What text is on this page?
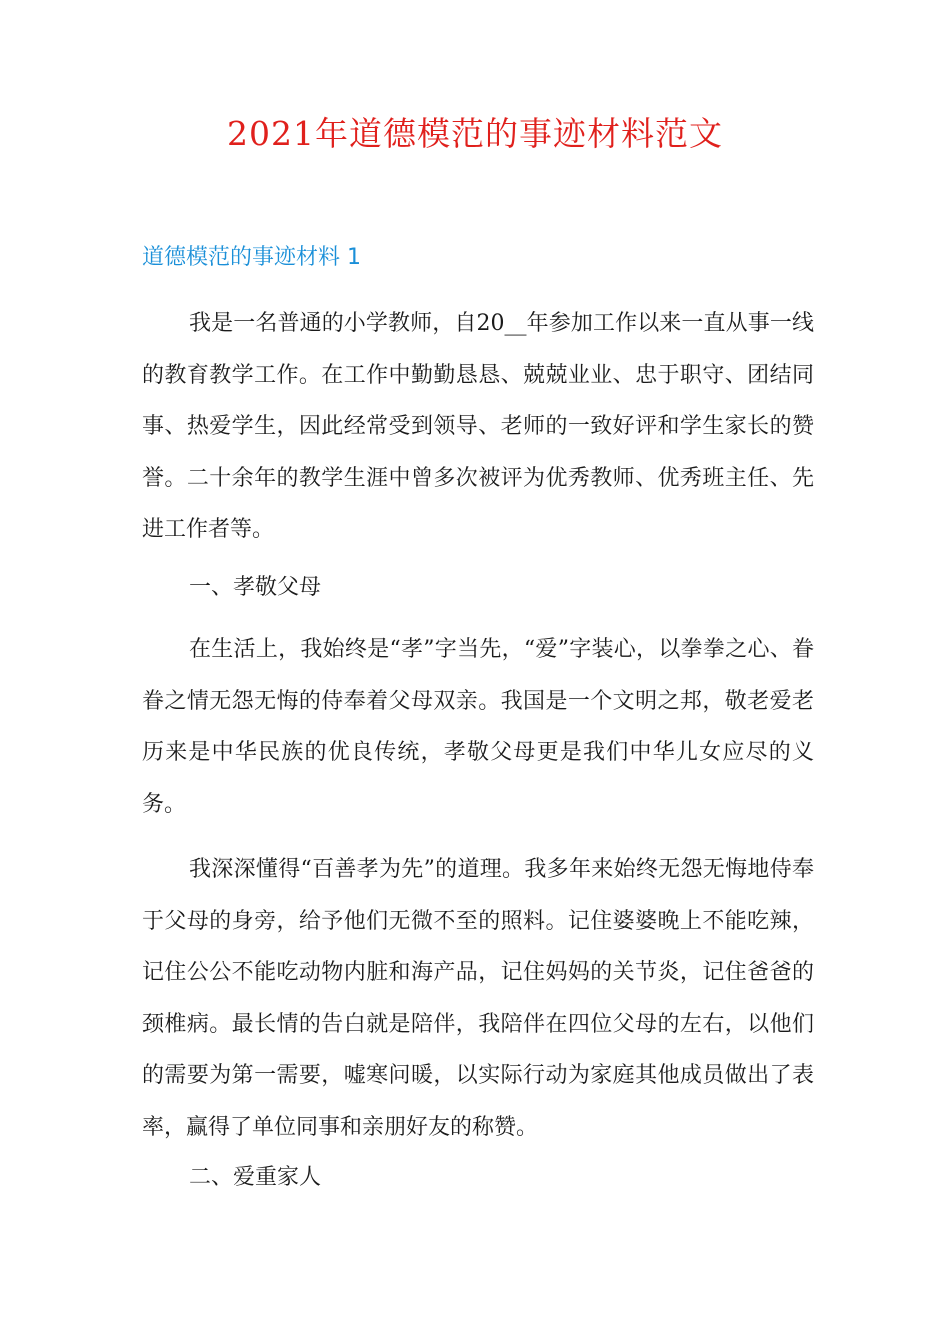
2021年道德模范的事迹材料范文
道德模范的事迹材料 1

我是一名普通的小学教师，自20__年参加工作以来一直从事一线的教育教学工作。在工作中勤勤恳恳、兢兢业业、忠于职守、团结同事、热爱学生，因此经常受到领导、老师的一致好评和学生家长的赞誉。二十余年的教学生涯中曾多次被评为优秀教师、优秀班主任、先进工作者等。

一、孝敬父母

在生活上，我始终是“孝”字当先，“爱”字装心，以拳拳之心、眷眷之情无怨无悔的侍奉着父母双亲。我国是一个文明之邦，敬老爱老历来是中华民族的优良传统，孝敬父母更是我们中华儿女应尽的义务。

我深深懂得“百善孝为先”的道理。我多年来始终无怨无悔地侍奉于父母的身旁，给予他们无微不至的照料。记住婆婆晚上不能吃辣，记住公公不能吃动物内脏和海产品，记住妈妈的关节炎，记住爸爸的颈椎病。最长情的告白就是陪伴，我陪伴在四位父母的左右，以他们的需要为第一需要，嘘寒问暖，以实际行动为家庭其他成员做出了表率，赢得了单位同事和亲朋好友的称赞。

二、爱重家人
